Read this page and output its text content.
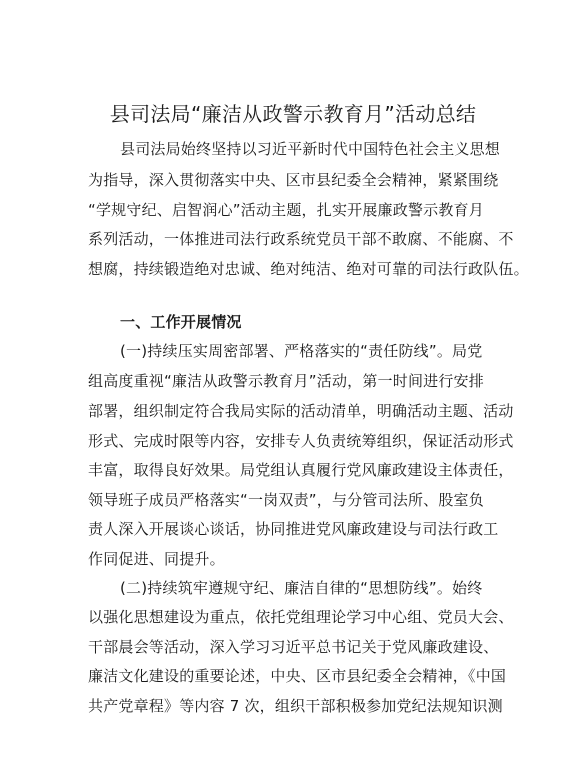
县司法局“廉洁从政警示教育月”活动总结
县司法局始终坚持以习近平新时代中国特色社会主义思想
为指导，深入贯彻落实中央、区市县纪委全会精神，紧紧围绕
“学规守纪、启智润心”活动主题，扎实开展廉政警示教育月
系列活动，一体推进司法行政系统党员干部不敢腐、不能腐、不
想腐，持续锻造绝对忠诚、绝对纯洁、绝对可靠的司法行政队伍。
一、工作开展情况
(一)持续压实周密部署、严格落实的“责任防线”。局党
组高度重视“廉洁从政警示教育月”活动，第一时间进行安排
部署，组织制定符合我局实际的活动清单，明确活动主题、活动
形式、完成时限等内容，安排专人负责统筹组织，保证活动形式
丰富，取得良好效果。局党组认真履行党风廉政建设主体责任，
领导班子成员严格落实“一岗双责”，与分管司法所、股室负
责人深入开展谈心谈话，协同推进党风廉政建设与司法行政工
作同促进、同提升。
(二)持续筑牢遵规守纪、廉洁自律的“思想防线”。始终
以强化思想建设为重点，依托党组理论学习中心组、党员大会、
干部晨会等活动，深入学习习近平总书记关于党风廉政建设、
廉洁文化建设的重要论述，中央、区市县纪委全会精神，《中国
共产党章程》等内容 7 次，组织干部积极参加党纪法规知识测
